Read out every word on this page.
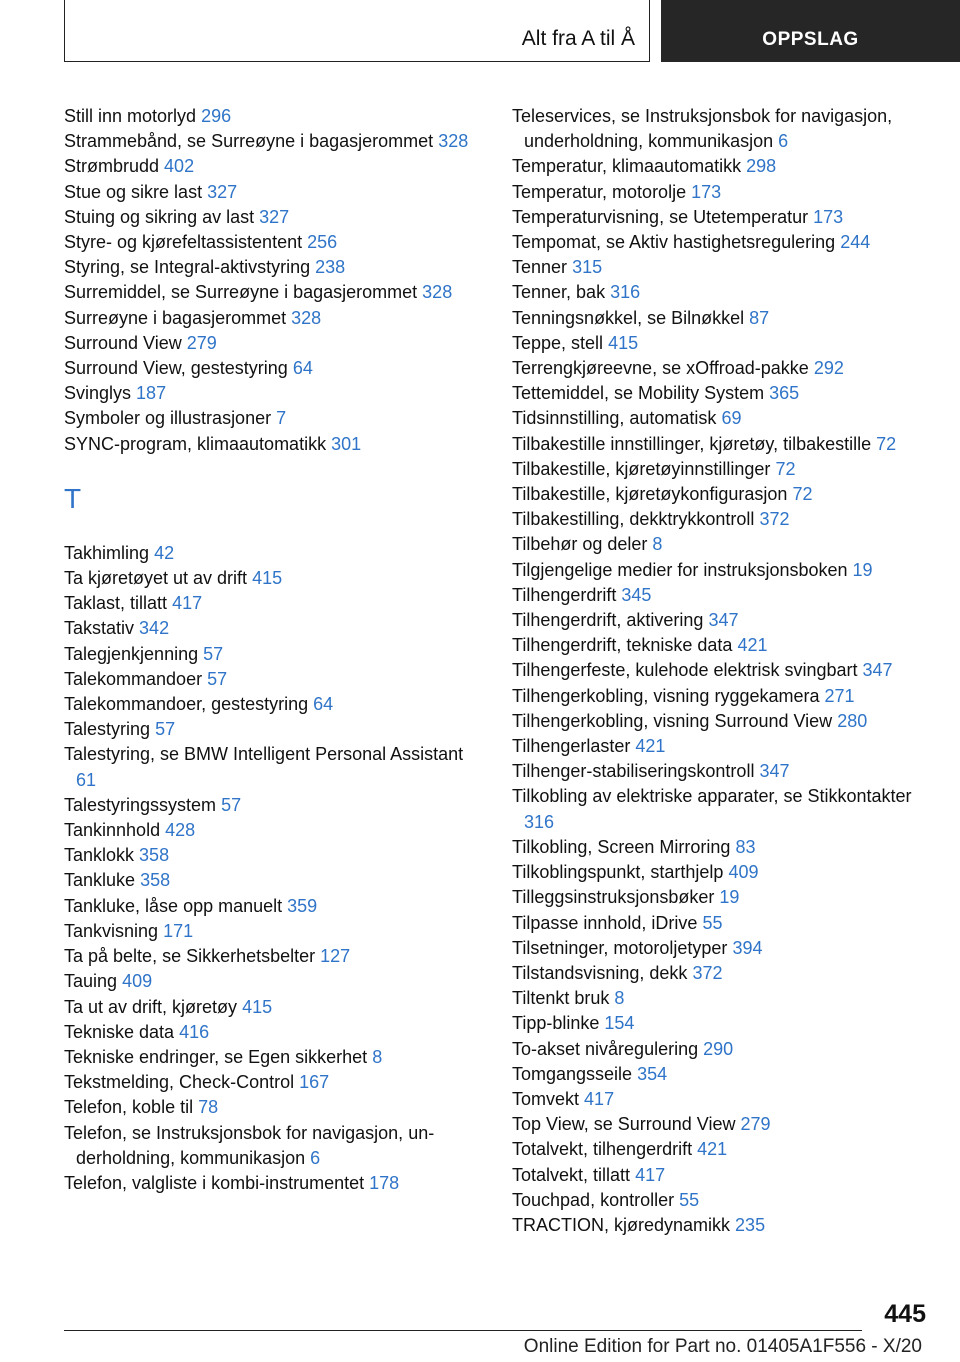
Alt fra A til Å	OPPSLAG
Still inn motorlyd 296
Strammebånd, se Surreøyne i bagasjerommet 328
Strømbrudd 402
Stue og sikre last 327
Stuing og sikring av last 327
Styre- og kjørefeltassistentent 256
Styring, se Integral-aktivstyring 238
Surremiddel, se Surreøyne i bagasjerommet 328
Surreøyne i bagasjerommet 328
Surround View 279
Surround View, gestestyring 64
Svinglys 187
Symboler og illustrasjoner 7
SYNC-program, klimaautomatikk 301
T
Takhimling 42
Ta kjøretøyet ut av drift 415
Taklast, tillatt 417
Takstativ 342
Talegjenkjenning 57
Talekommandoer 57
Talekommandoer, gestestyring 64
Talestyring 57
Talestyring, se BMW Intelligent Personal Assistant 61
Talestyringssystem 57
Tankinnhold 428
Tanklokk 358
Tankluke 358
Tankluke, låse opp manuelt 359
Tankvisning 171
Ta på belte, se Sikkerhetsbelter 127
Tauing 409
Ta ut av drift, kjøretøy 415
Tekniske data 416
Tekniske endringer, se Egen sikkerhet 8
Tekstmelding, Check-Control 167
Telefon, koble til 78
Telefon, se Instruksjonsbok for navigasjon, underholdning, kommunikasjon 6
Telefon, valgliste i kombi-instrumentet 178
Teleservices, se Instruksjonsbok for navigasjon, underholdning, kommunikasjon 6
Temperatur, klimaautomatikk 298
Temperatur, motorolje 173
Temperaturvisning, se Utetemperatur 173
Tempomat, se Aktiv hastighetsregulering 244
Tenner 315
Tenner, bak 316
Tenningsnøkkel, se Bilnøkkel 87
Teppe, stell 415
Terrengkjøreevne, se xOffroad-pakke 292
Tettemiddel, se Mobility System 365
Tidsinnstilling, automatisk 69
Tilbakestille innstillinger, kjøretøy, tilbakestille 72
Tilbakestille, kjøretøyinnstillinger 72
Tilbakestille, kjøretøykonfigurasjon 72
Tilbakestilling, dekktrykkontroll 372
Tilbehør og deler 8
Tilgjengelige medier for instruksjonsboken 19
Tilhengerdrift 345
Tilhengerdrift, aktivering 347
Tilhengerdrift, tekniske data 421
Tilhengerfeste, kulehode elektrisk svingbart 347
Tilhengerkobling, visning ryggekamera 271
Tilhengerkobling, visning Surround View 280
Tilhengerlaster 421
Tilhenger-stabiliseringskontroll 347
Tilkobling av elektriske apparater, se Stikkontakter 316
Tilkobling, Screen Mirroring 83
Tilkoblingspunkt, starthjelp 409
Tilleggsinstruksjonsbøker 19
Tilpasse innhold, iDrive 55
Tilsetninger, motoroljetyper 394
Tilstandsvisning, dekk 372
Tiltenkt bruk 8
Tipp-blinke 154
To-akset nivåregulering 290
Tomgangsseile 354
Tomvekt 417
Top View, se Surround View 279
Totalvekt, tilhengerdrift 421
Totalvekt, tillatt 417
Touchpad, kontroller 55
TRACTION, kjøredynamikk 235
445
Online Edition for Part no. 01405A1F556 - X/20
